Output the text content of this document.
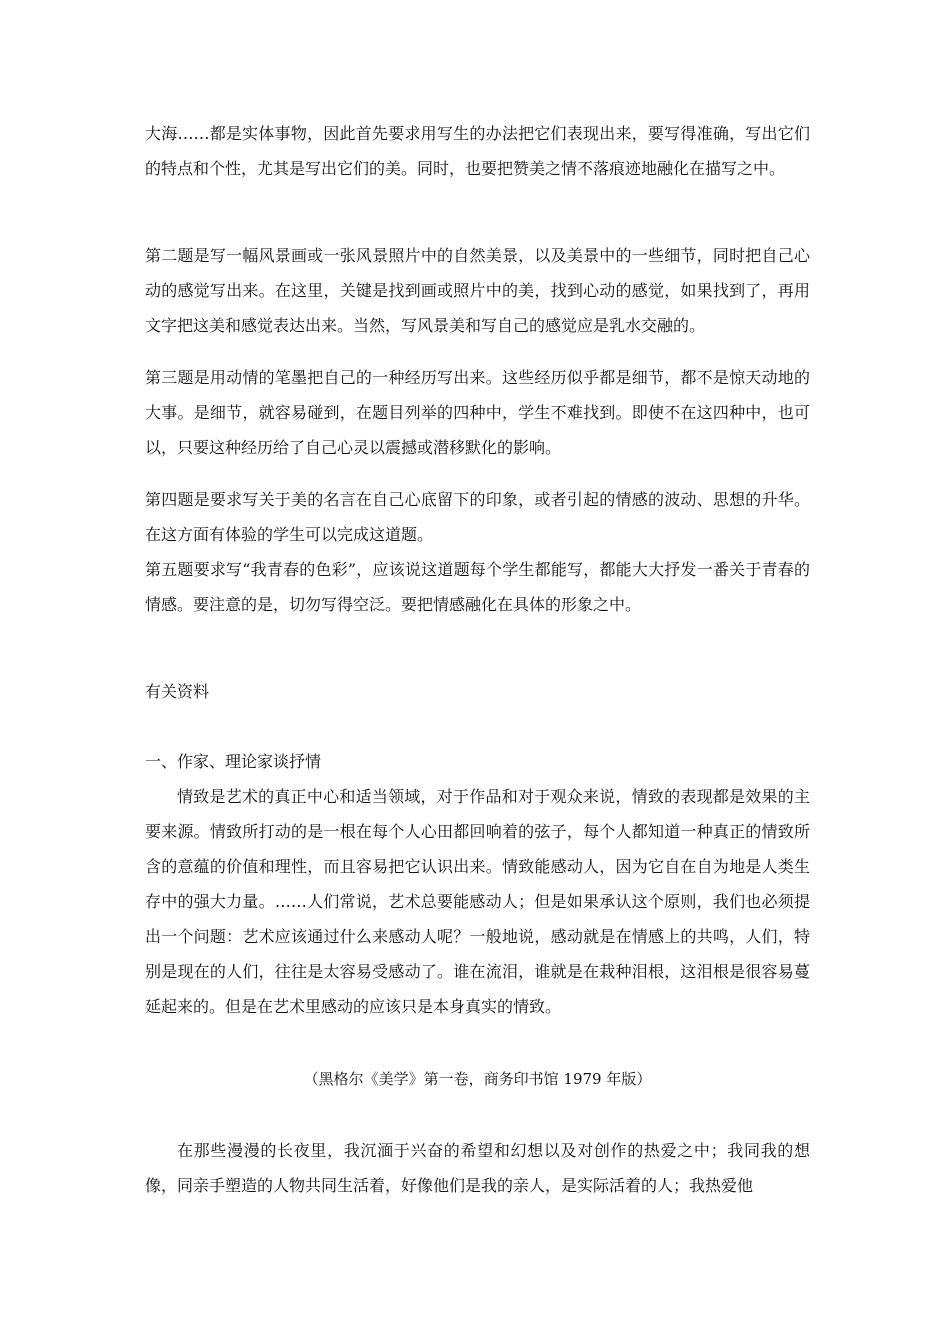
大海……都是实体事物，因此首先要求用写生的办法把它们表现出来，要写得准确，写出它们的特点和个性，尤其是写出它们的美。同时，也要把赞美之情不落痕迹地融化在描写之中。

第二题是写一幅风景画或一张风景照片中的自然美景，以及美景中的一些细节，同时把自己心动的感觉写出来。在这里，关键是找到画或照片中的美，找到心动的感觉，如果找到了，再用文字把这美和感觉表达出来。当然，写风景美和写自己的感觉应是乳水交融的。

第三题是用动情的笔墨把自己的一种经历写出来。这些经历似乎都是细节，都不是惊天动地的大事。是细节，就容易碰到，在题目列举的四种中，学生不难找到。即使不在这四种中，也可以，只要这种经历给了自己心灵以震撼或潜移默化的影响。

第四题是要求写关于美的名言在自己心底留下的印象，或者引起的情感的波动、思想的升华。在这方面有体验的学生可以完成这道题。

第五题要求写“我青春的色彩”，应该说这道题每个学生都能写，都能大大抒发一番关于青春的情感。要注意的是，切勿写得空泛。要把情感融化在具体的形象之中。

有关资料

一、作家、理论家谈抒情

情致是艺术的真正中心和适当领域，对于作品和对于观众来说，情致的表现都是效果的主要来源。情致所打动的是一根在每个人心田都回响着的弦子，每个人都知道一种真正的情致所含的意蕴的价值和理性，而且容易把它认识出来。情致能感动人，因为它自在自为地是人类生存中的强大力量。……人们常说，艺术总要能感动人；但是如果承认这个原则，我们也必须提出一个问题：艺术应该通过什么来感动人呢？一般地说，感动就是在情感上的共鸣，人们，特别是现在的人们，往往是太容易受感动了。谁在流泪，谁就是在栽种泪根，这泪根是很容易蔓延起来的。但是在艺术里感动的应该只是本身真实的情致。

（黑格尔《美学》第一卷，商务印书馆 1979 年版）

在那些漫漫的长夜里，我沉湎于兴奋的希望和幻想以及对创作的热爱之中；我同我的想像，同亲手塑造的人物共同生活着，好像他们是我的亲人，是实际活着的人；我热爱他
